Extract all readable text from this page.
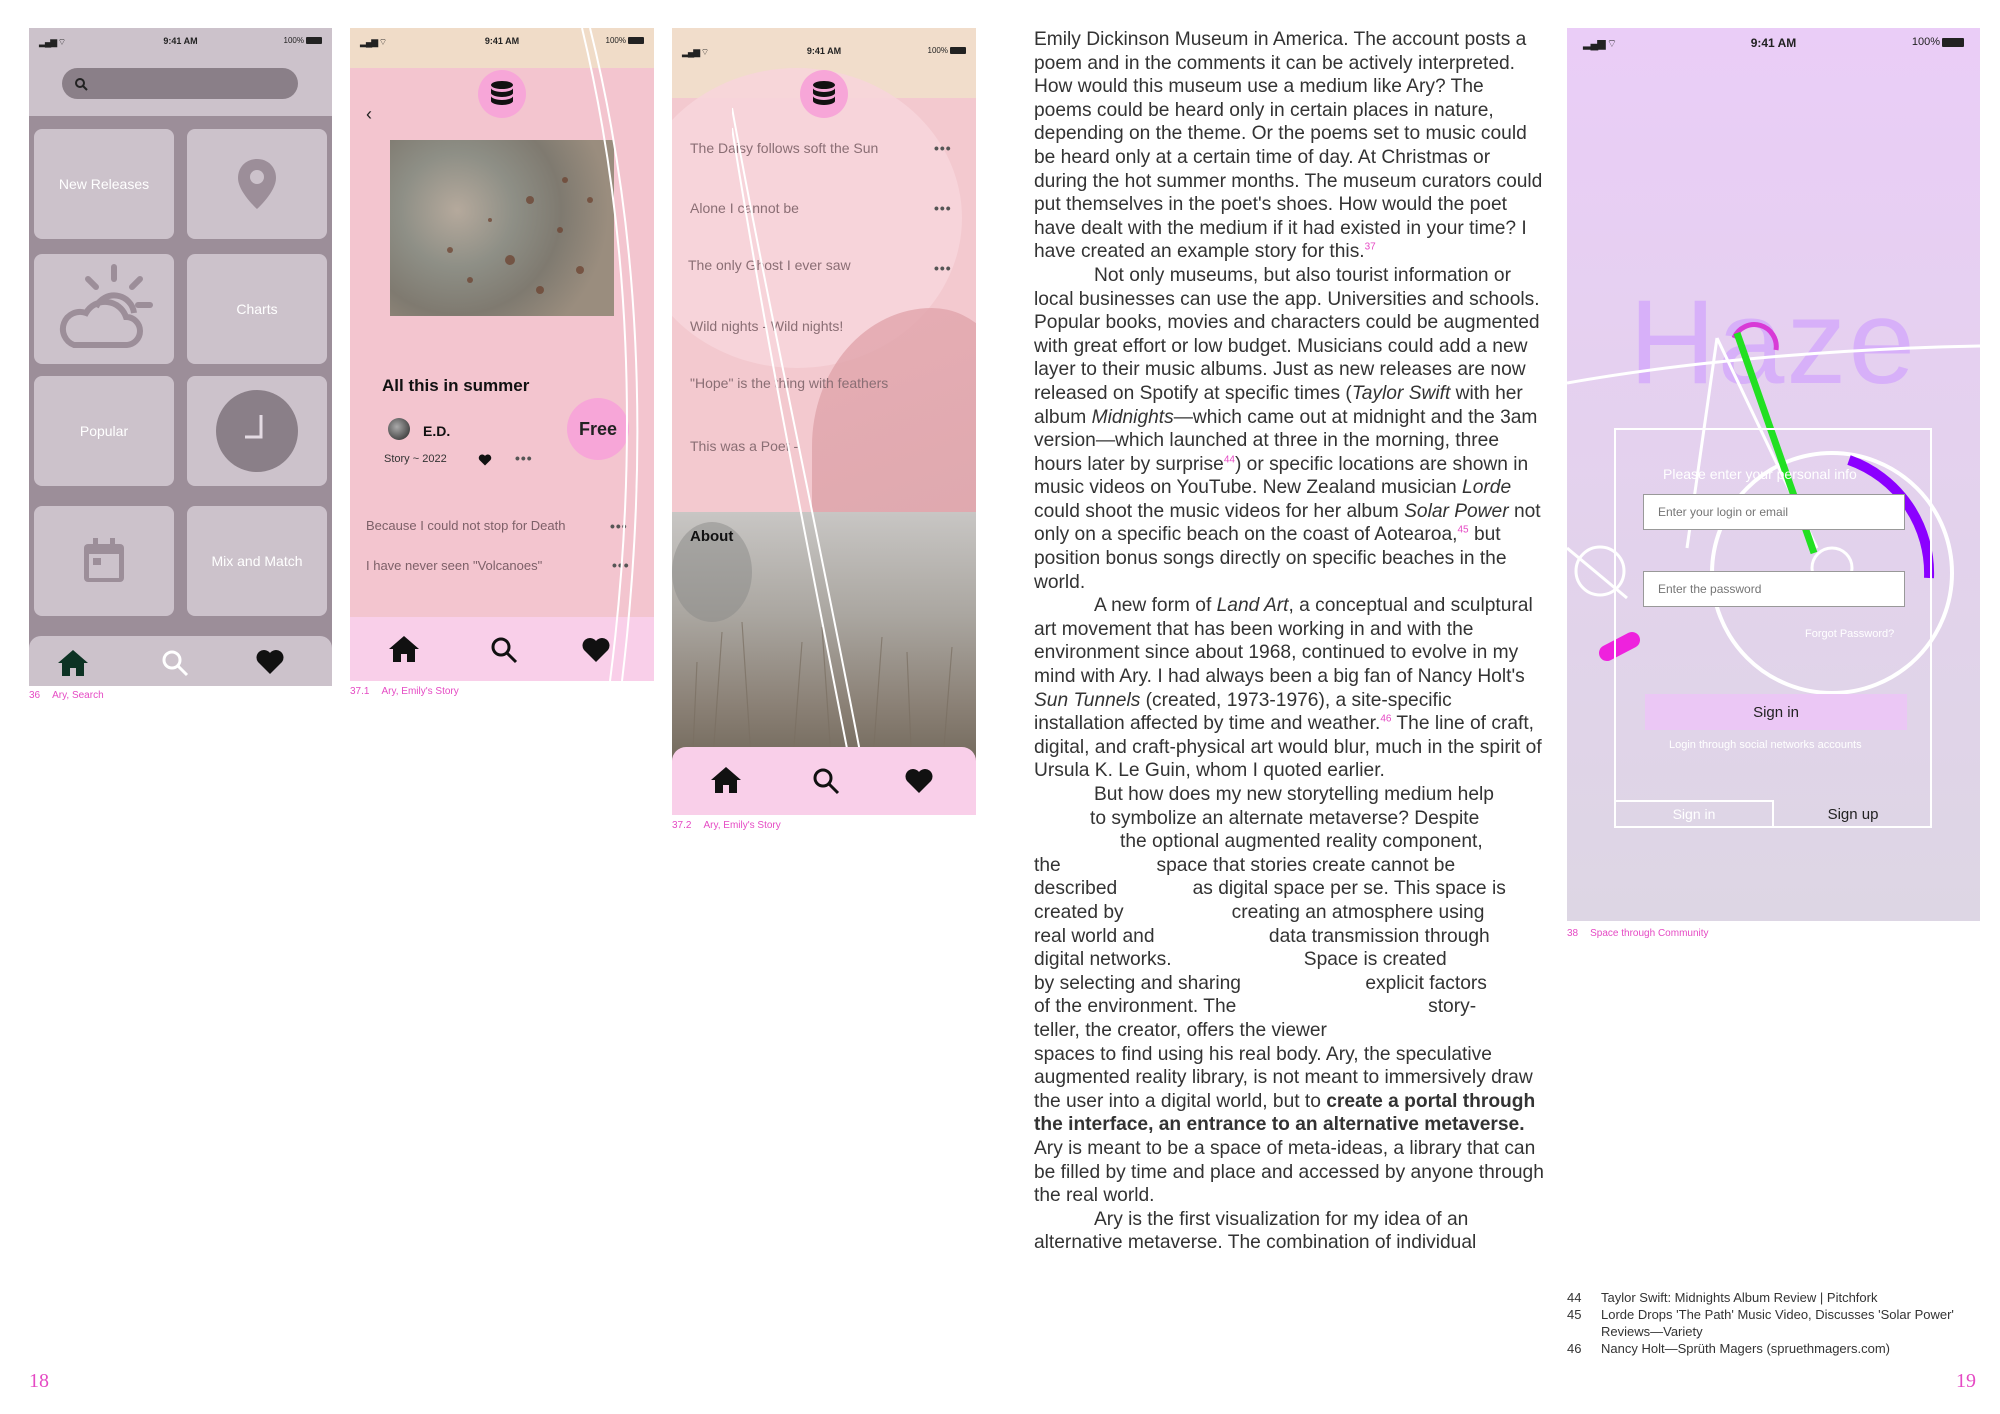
▂▄▆ ⌔	9:41 AM	100%
New Releases
Charts
Popular
Mix and Match
36 Ary, Search
▂▄▆ ⌔	9:41 AM	100%
‹
All this in summer
E.D.
Story ~ 2022	•••
Free
Because I could not stop for Death	•••
I have never seen "Volcanoes"	•••
37.1 Ary, Emily's Story
▂▄▆ ⌔	9:41 AM	100%
The Daisy follows soft the Sun	•••
Alone I cannot be	•••
The only Ghost I ever saw	•••
Wild nights - Wild nights!
"Hope" is the thing with feathers
This was a Poet -
About
37.2 Ary, Emily's Story

Emily Dickinson Museum in America. The account posts a poem and in the comments it can be actively interpreted. How would this museum use a medium like Ary? The poems could be heard only in certain places in nature, depending on the theme. Or the poems set to music could be heard only at a certain time of day. At Christmas or during the hot summer months. The museum curators could put themselves in the poet's shoes. How would the poet have dealt with the medium if it had existed in your time? I have created an example story for this.$^{37}$

Not only museums, but also tourist information or local businesses can use the app. Universities and schools. Popular books, movies and characters could be augmented with great effort or low budget. Musicians could add a new layer to their music albums. Just as new releases are now released on Spotify at specific times (Taylor Swift with her album Midnights—which came out at midnight and the 3am version—which launched at three in the morning, three hours later by surprise$^{44}$) or specific locations are shown in music videos on YouTube. New Zealand musician Lorde could shoot the music videos for her album Solar Power not only on a specific beach on the coast of Aotearoa,$^{45}$ but position bonus songs directly on specific beaches in the world.

A new form of Land Art, a conceptual and sculptural art movement that has been working in and with the environment since about 1968, continued to evolve in my mind with Ary. I had always been a big fan of Nancy Holt's Sun Tunnels (created, 1973-1976), a site-specific installation affected by time and weather.$^{46}$ The line of craft, digital, and craft-physical art would blur, much in the spirit of Ursula K. Le Guin, whom I quoted earlier.

But how does my new storytelling medium help
to symbolize an alternate metaverse? Despite
the optional augmented reality component,
the	space that stories create cannot be
described	as digital space per se. This space is
created by	creating an atmosphere using
real world and	data transmission through
digital networks.	Space is created
by selecting and sharing	explicit factors
of the environment. The	story-
teller, the creator, offers the viewer

spaces to find using his real body. Ary, the speculative augmented reality library, is not meant to immersively draw the user into a digital world, but to create a portal through the interface, an entrance to an alternative metaverse. Ary is meant to be a space of meta-ideas, a library that can be filled by time and place and accessed by anyone through the real world.

Ary is the first visualization for my idea of an alternative metaverse. The combination of individual

▂▄▆ ⌔	9:41 AM	100%
Haze
Please enter your personal info
Enter your login or email
Enter the password
Forgot Password?
Sign in
Login through social networks accounts
Sign in	Sign up
38 Space through Community
44 Taylor Swift: Midnights Album Review | Pitchfork
45 Lorde Drops 'The Path' Music Video, Discusses 'Solar Power' Reviews—Variety
46 Nancy Holt—Sprüth Magers (spruethmagers.com)
18	19
